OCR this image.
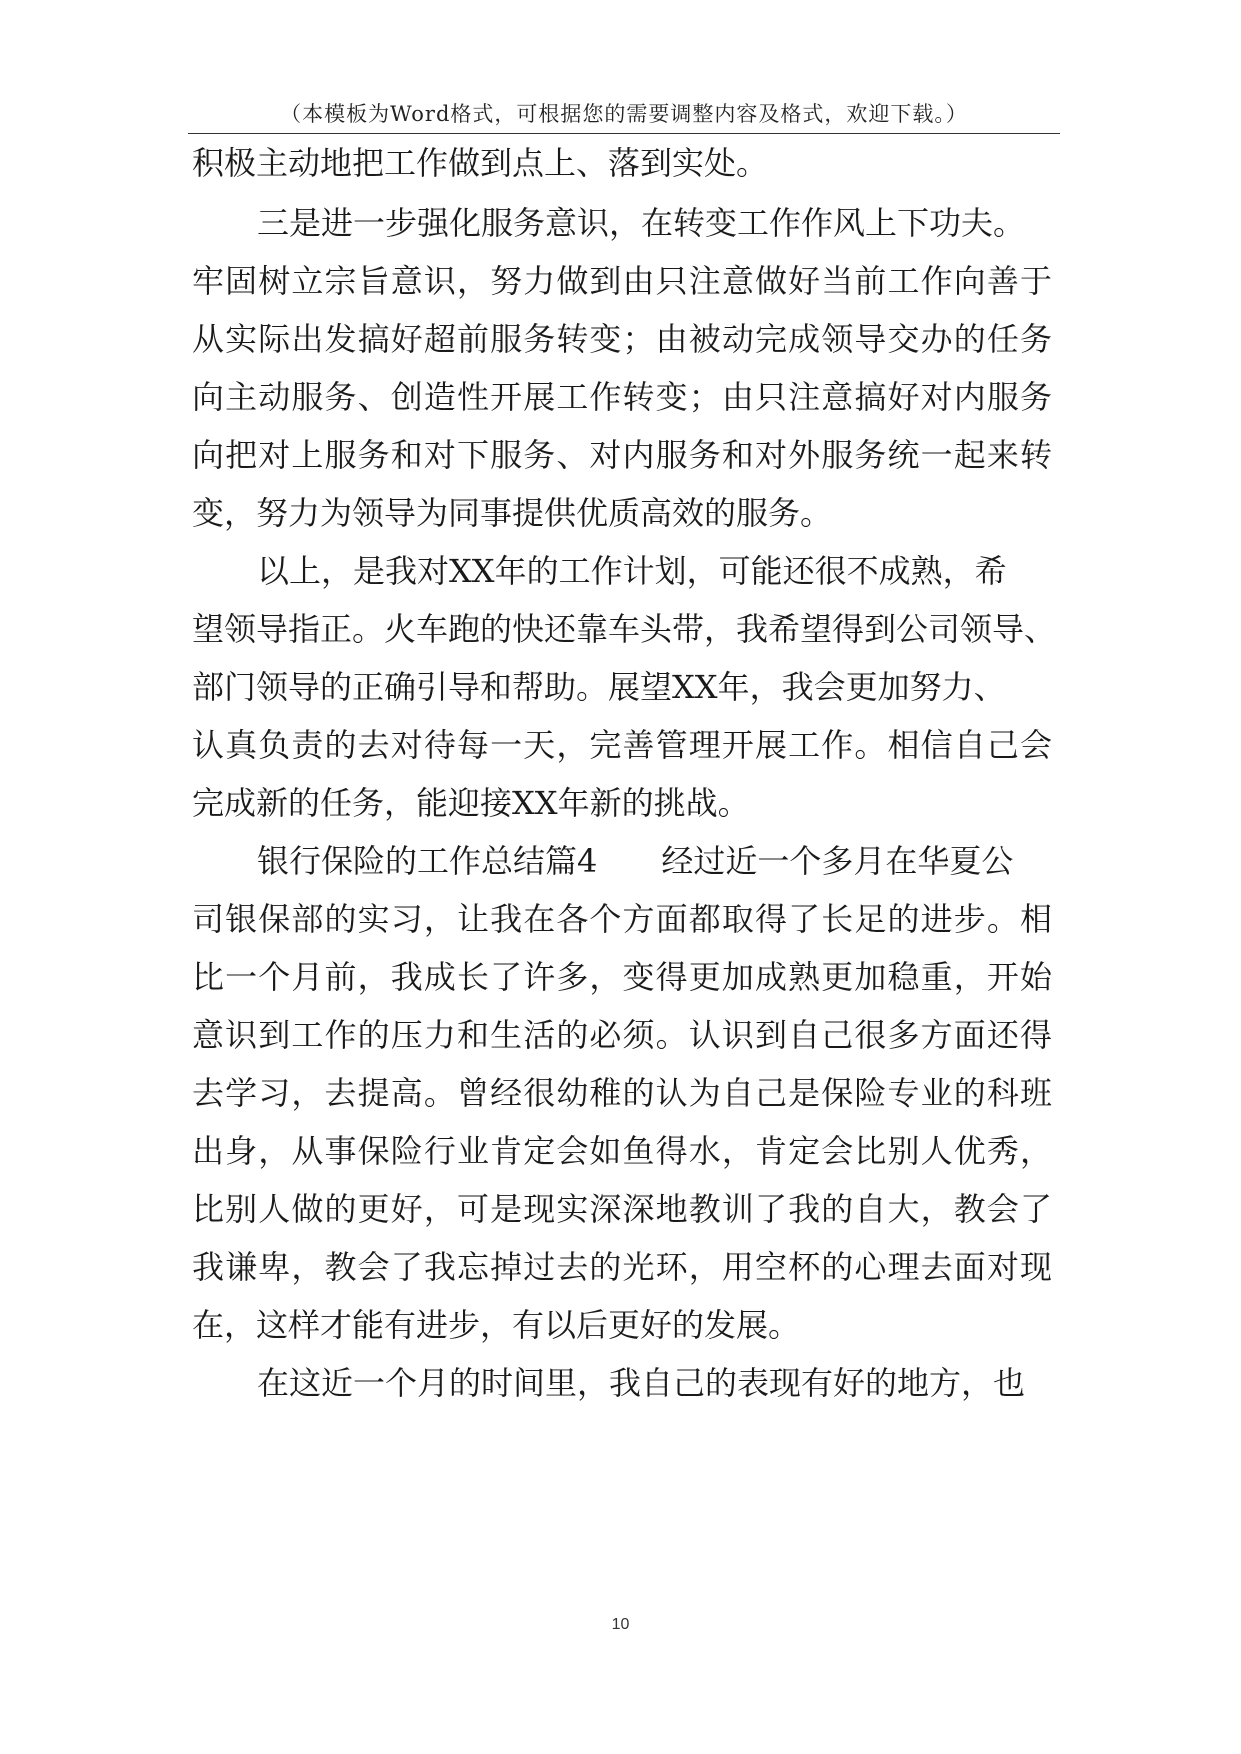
（本模板为Word格式，可根据您的需要调整内容及格式，欢迎下载。）
积极主动地把工作做到点上、落到实处。
三是进一步强化服务意识，在转变工作作风上下功夫。
牢固树立宗旨意识，努力做到由只注意做好当前工作向善于
从实际出发搞好超前服务转变；由被动完成领导交办的任务
向主动服务、创造性开展工作转变；由只注意搞好对内服务
向把对上服务和对下服务、对内服务和对外服务统一起来转
变，努力为领导为同事提供优质高效的服务。
以上，是我对XX年的工作计划，可能还很不成熟，希
望领导指正。火车跑的快还靠车头带，我希望得到公司领导、
部门领导的正确引导和帮助。展望XX年，我会更加努力、
认真负责的去对待每一天，完善管理开展工作。相信自己会
完成新的任务，能迎接XX年新的挑战。
银行保险的工作总结篇4　　经过近一个多月在华夏公
司银保部的实习，让我在各个方面都取得了长足的进步。相
比一个月前，我成长了许多，变得更加成熟更加稳重，开始
意识到工作的压力和生活的必须。认识到自己很多方面还得
去学习，去提高。曾经很幼稚的认为自己是保险专业的科班
出身，从事保险行业肯定会如鱼得水，肯定会比别人优秀，
比别人做的更好，可是现实深深地教训了我的自大，教会了
我谦卑，教会了我忘掉过去的光环，用空杯的心理去面对现
在，这样才能有进步，有以后更好的发展。
在这近一个月的时间里，我自己的表现有好的地方，也
10
